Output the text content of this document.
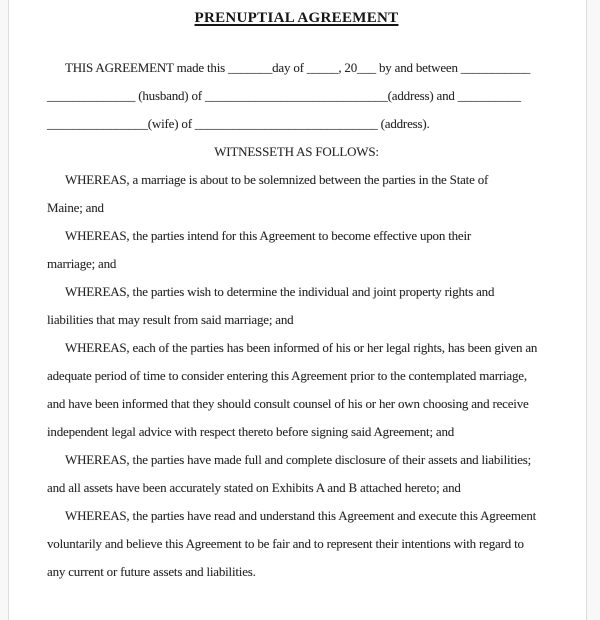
PRENUPTIAL AGREEMENT
THIS AGREEMENT made this _______day of _____, 20___ by and between ___________
______________ (husband) of _____________________________(address) and __________
________________(wife) of _____________________________ (address).
WITNESSETH AS FOLLOWS:
WHEREAS, a marriage is about to be solemnized between the parties in the State of
Maine; and
WHEREAS, the parties intend for this Agreement to become effective upon their
marriage; and
WHEREAS, the parties wish to determine the individual and joint property rights and
liabilities that may result from said marriage; and
WHEREAS, each of the parties has been informed of his or her legal rights, has been given an
adequate period of time to consider entering this Agreement prior to the contemplated marriage,
and have been informed that they should consult counsel of his or her own choosing and receive
independent legal advice with respect thereto before signing said Agreement; and
WHEREAS, the parties have made full and complete disclosure of their assets and liabilities;
and all assets have been accurately stated on Exhibits A and B attached hereto; and
WHEREAS, the parties have read and understand this Agreement and execute this Agreement
voluntarily and believe this Agreement to be fair and to represent their intentions with regard to
any current or future assets and liabilities.
